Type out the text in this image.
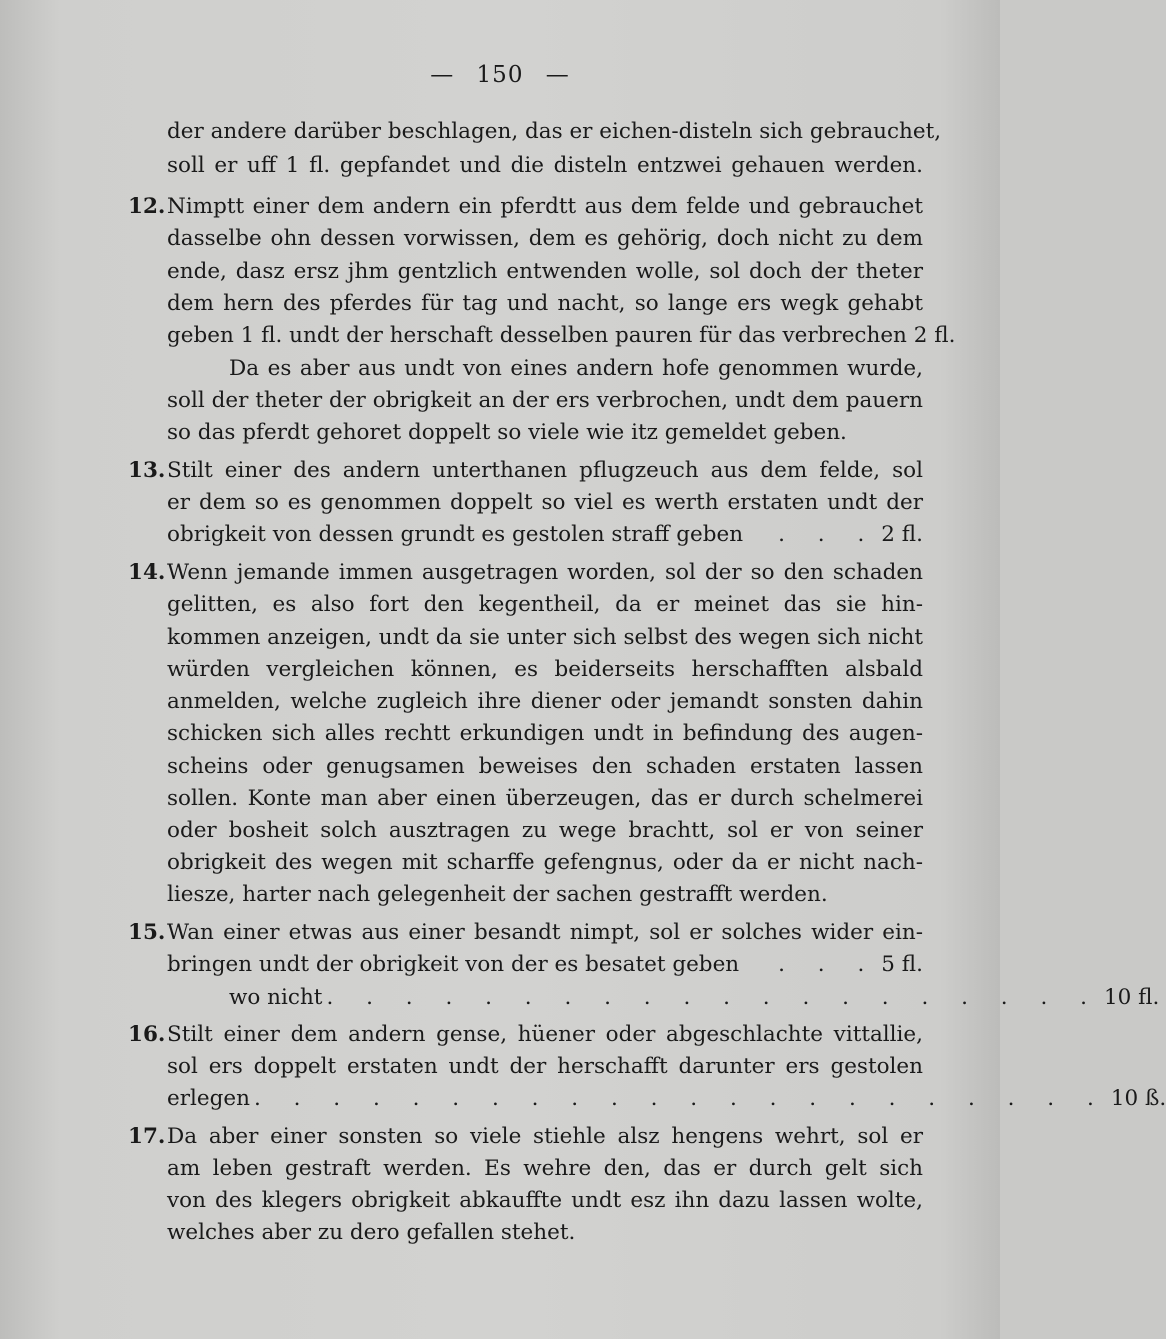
— 150 —
der andere darüber beschlagen, das er eichen-disteln sich gebrauchet,
soll er uff 1 fl. gepfandet und die disteln entzwei gehauen werden.
12. Nimptt einer dem andern ein pferdtt aus dem felde und gebrauchet
dasselbe ohn dessen vorwissen, dem es gehörig, doch nicht zu dem
ende, dasz ersz jhm gentzlich entwenden wolle, sol doch der theter
dem hern des pferdes für tag und nacht, so lange ers wegk gehabt
geben 1 fl. undt der herschaft desselben pauren für das verbrechen 2 fl.
Da es aber aus undt von eines andern hofe genommen wurde,
soll der theter der obrigkeit an der ers verbrochen, undt dem pauern
so das pferdt gehoret doppelt so viele wie itz gemeldet geben.
13. Stilt einer des andern unterthanen pflugzeuch aus dem felde, sol
er dem so es genommen doppelt so viel es werth erstaten undt der
obrigkeit von dessen grundt es gestolen straff geben	. . . 2 fl.
14. Wenn jemande immen ausgetragen worden, sol der so den schaden
gelitten, es also fort den kegentheil, da er meinet das sie hin-
kommen anzeigen, undt da sie unter sich selbst des wegen sich nicht
würden vergleichen können, es beiderseits herschafften alsbald
anmelden, welche zugleich ihre diener oder jemandt sonsten dahin
schicken sich alles rechtt erkundigen undt in befindung des augen-
scheins oder genugsamen beweises den schaden erstaten lassen
sollen. Konte man aber einen überzeugen, das er durch schelmerei
oder bosheit solch ausztragen zu wege brachtt, sol er von seiner
obrigkeit des wegen mit scharffe gefengnus, oder da er nicht nach-
liesze, harter nach gelegenheit der sachen gestrafft werden.
15. Wan einer etwas aus einer besandt nimpt, sol er solches wider ein-
bringen undt der obrigkeit von der es besatet geben	. . . 5 fl.
wo nicht . . . . . . . . . . . . . . . . . . . . 10 fl.
16. Stilt einer dem andern gense, hüener oder abgeschlachte vittallie,
sol ers doppelt erstaten undt der herschafft darunter ers gestolen
erlegen . . . . . . . . . . . . . . . . . . . . . . 10 ß.
17. Da aber einer sonsten so viele stiehle alsz hengens wehrt, sol er
am leben gestraft werden. Es wehre den, das er durch gelt sich
von des klegers obrigkeit abkauffte undt esz ihn dazu lassen wolte,
welches aber zu dero gefallen stehet.
